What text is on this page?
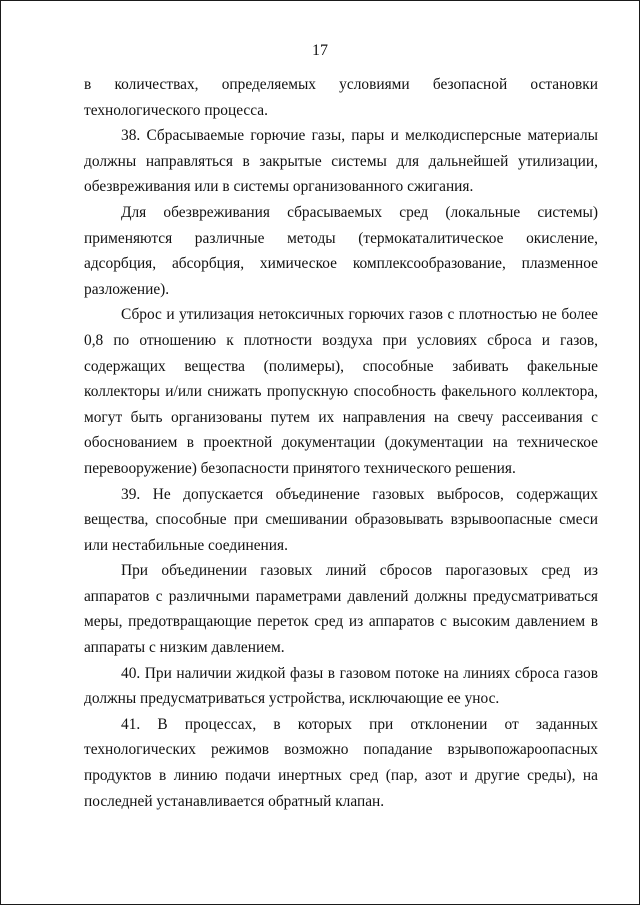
17

в количествах, определяемых условиями безопасной остановки технологического процесса.

38. Сбрасываемые горючие газы, пары и мелкодисперсные материалы должны направляться в закрытые системы для дальнейшей утилизации, обезвреживания или в системы организованного сжигания.

Для обезвреживания сбрасываемых сред (локальные системы) применяются различные методы (термокаталитическое окисление, адсорбция, абсорбция, химическое комплексообразование, плазменное разложение).

Сброс и утилизация нетоксичных горючих газов с плотностью не более 0,8 по отношению к плотности воздуха при условиях сброса и газов, содержащих вещества (полимеры), способные забивать факельные коллекторы и/или снижать пропускную способность факельного коллектора, могут быть организованы путем их направления на свечу рассеивания с обоснованием в проектной документации (документации на техническое перевооружение) безопасности принятого технического решения.

39. Не допускается объединение газовых выбросов, содержащих вещества, способные при смешивании образовывать взрывоопасные смеси или нестабильные соединения.

При объединении газовых линий сбросов парогазовых сред из аппаратов с различными параметрами давлений должны предусматриваться меры, предотвращающие переток сред из аппаратов с высоким давлением в аппараты с низким давлением.

40. При наличии жидкой фазы в газовом потоке на линиях сброса газов должны предусматриваться устройства, исключающие ее унос.

41. В процессах, в которых при отклонении от заданных технологических режимов возможно попадание взрывопожароопасных продуктов в линию подачи инертных сред (пар, азот и другие среды), на последней устанавливается обратный клапан.
